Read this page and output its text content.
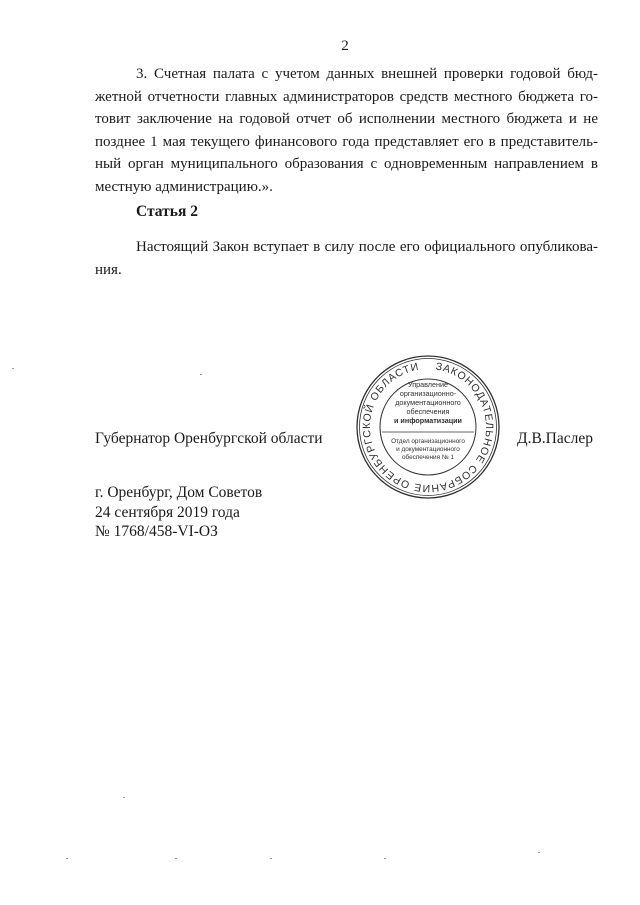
2
3. Счетная палата с учетом данных внешней проверки годовой бюд- жетной отчетности главных администраторов средств местного бюджета го- товит заключение на годовой отчет об исполнении местного бюджета и не позднее 1 мая текущего финансового года представляет его в представитель- ный орган муниципального образования с одновременным направлением в местную администрацию.».
Статья 2
Настоящий Закон вступает в силу после его официального опубликова- ния.
Губернатор Оренбургской области
ЗАКОНОДАТЕЛЬНОЕ СОБРАНИЕ ОРЕНБУРГСКОЙ ОБЛАСТИ
Управление
организационно-
документационного
обеспечения
и информатизации
Отдел организационного
и документационного
обеспечения № 1
Д.В.Паслер
г. Оренбург, Дом Советов
24 сентября 2019 года
№ 1768/458-VI-ОЗ
